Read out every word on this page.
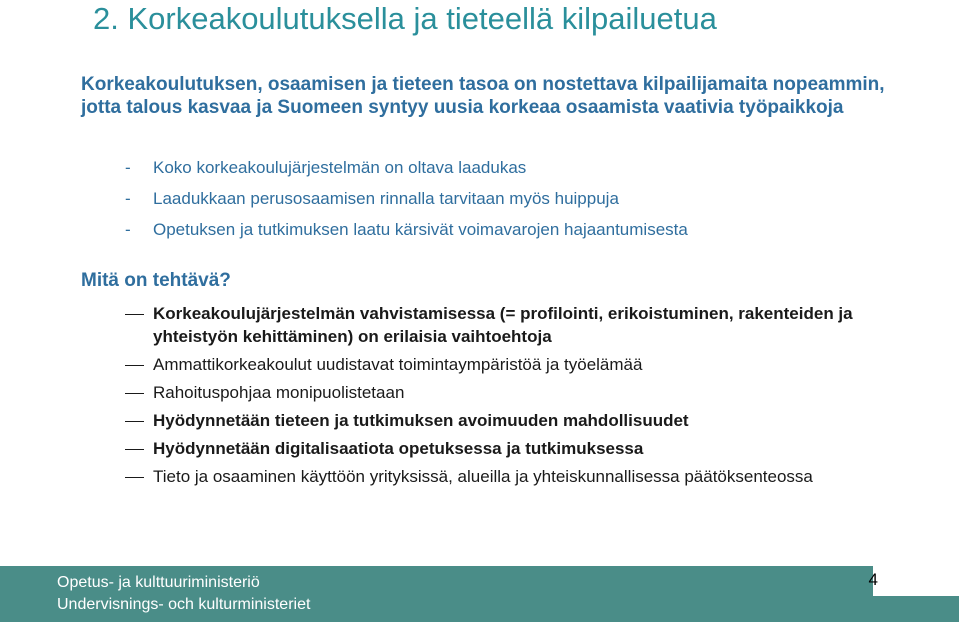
2. Korkeakoulutuksella ja tieteellä kilpailuetua

Korkeakoulutuksen, osaamisen ja tieteen tasoa on nostettava kilpailijamaita nopeammin, jotta talous kasvaa ja Suomeen syntyy uusia korkeaa osaamista vaativia työpaikkoja

- Koko korkeakoulujärjestelmän on oltava laadukas
- Laadukkaan perusosaamisen rinnalla tarvitaan myös huippuja
- Opetuksen ja tutkimuksen laatu kärsivät voimavarojen hajaantumisesta

Mitä on tehtävä?

Korkeakoulujärjestelmän vahvistamisessa (= profilointi, erikoistuminen, rakenteiden ja yhteistyön kehittäminen) on erilaisia vaihtoehtoja
Ammattikorkeakoulut uudistavat toimintaympäristöä ja työelämää
Rahoituspohjaa monipuolistetaan
Hyödynnetään tieteen ja tutkimuksen avoimuuden mahdollisuudet
Hyödynnetään digitalisaatiota opetuksessa ja tutkimuksessa
Tieto ja osaaminen käyttöön yrityksissä, alueilla ja yhteiskunnallisessa päätöksenteossa
Opetus- ja kulttuuriministeriö
Undervisnings- och kulturministeriet
4
